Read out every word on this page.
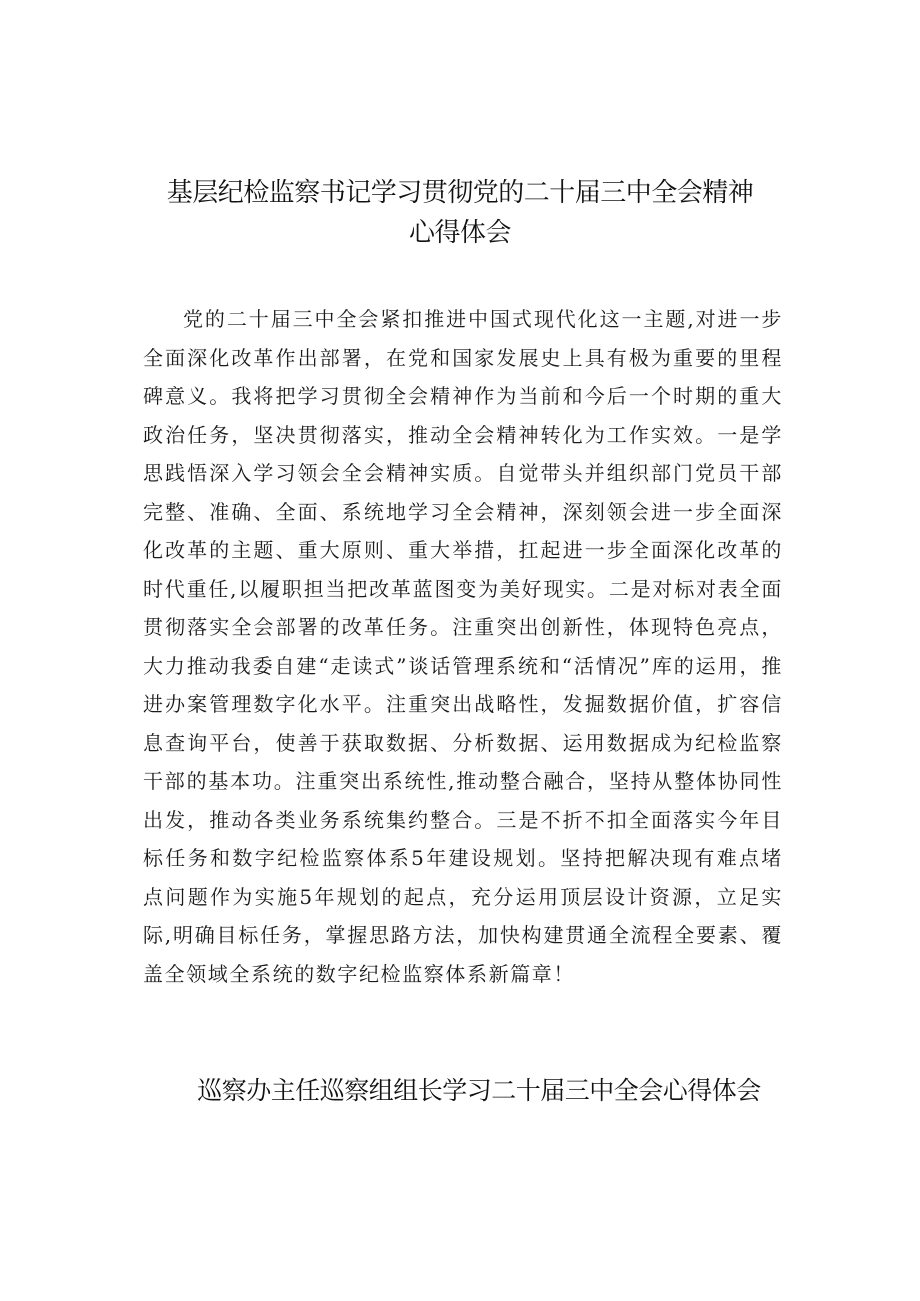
基层纪检监察书记学习贯彻党的二十届三中全会精神
心得体会

党的二十届三中全会紧扣推进中国式现代化这一主题,对进一步全面深化改革作出部署，在党和国家发展史上具有极为重要的里程碑意义。我将把学习贯彻全会精神作为当前和今后一个时期的重大政治任务，坚决贯彻落实，推动全会精神转化为工作实效。一是学思践悟深入学习领会全会精神实质。自觉带头并组织部门党员干部完整、准确、全面、系统地学习全会精神，深刻领会进一步全面深化改革的主题、重大原则、重大举措，扛起进一步全面深化改革的时代重任,以履职担当把改革蓝图变为美好现实。二是对标对表全面贯彻落实全会部署的改革任务。注重突出创新性，体现特色亮点，大力推动我委自建“走读式”谈话管理系统和“活情况”库的运用，推进办案管理数字化水平。注重突出战略性，发掘数据价值，扩容信息查询平台，使善于获取数据、分析数据、运用数据成为纪检监察干部的基本功。注重突出系统性,推动整合融合，坚持从整体协同性出发，推动各类业务系统集约整合。三是不折不扣全面落实今年目标任务和数字纪检监察体系5年建设规划。坚持把解决现有难点堵点问题作为实施5年规划的起点，充分运用顶层设计资源，立足实际,明确目标任务，掌握思路方法，加快构建贯通全流程全要素、覆盖全领域全系统的数字纪检监察体系新篇章！

巡察办主任巡察组组长学习二十届三中全会心得体会
